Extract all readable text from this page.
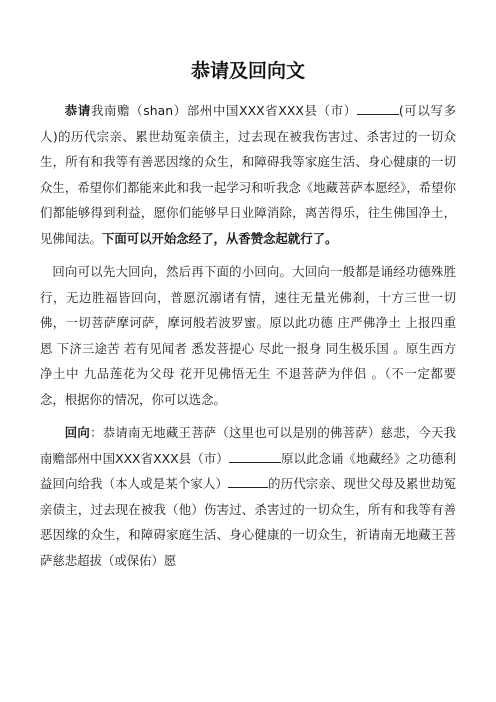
恭请及回向文

恭请我南赡（shan）部州中国XXX省XXX县（市）	(可以写多人)的历代宗亲、累世劫冤亲债主，过去现在被我伤害过、杀害过的一切众生，所有和我等有善恶因缘的众生，和障碍我等家庭生活、身心健康的一切众生，希望你们都能来此和我一起学习和听我念《地藏菩萨本愿经》，希望你们都能够得到利益，愿你们能够早日业障消除，离苦得乐，往生佛国净土，见佛闻法。下面可以开始念经了，从香赞念起就行了。

回向可以先大回向，然后再下面的小回向。大回向一般都是诵经功德殊胜行，无边胜福皆回向，普愿沉溺诸有情，速往无量光佛刹，十方三世一切佛，一切菩萨摩诃萨，摩诃般若波罗蜜。原以此功德 庄严佛净土 上报四重恩 下济三途苦 若有见闻者 悉发菩提心 尽此一报身 同生极乐国 。原生西方净土中 九品莲花为父母 花开见佛悟无生 不退菩萨为伴侣 。（不一定都要念，根据你的情况，你可以选念。

回向：恭请南无地藏王菩萨（这里也可以是别的佛菩萨）慈悲，今天我南赡部州中国XXX省XXX县（市）	原以此念诵《地藏经》之功德利益回向给我（本人或是某个家人）	的历代宗亲、现世父母及累世劫冤亲债主，过去现在被我（他）伤害过、杀害过的一切众生，所有和我等有善恶因缘的众生，和障碍家庭生活、身心健康的一切众生，祈请南无地藏王菩萨慈悲超拔（或保佑）愿
